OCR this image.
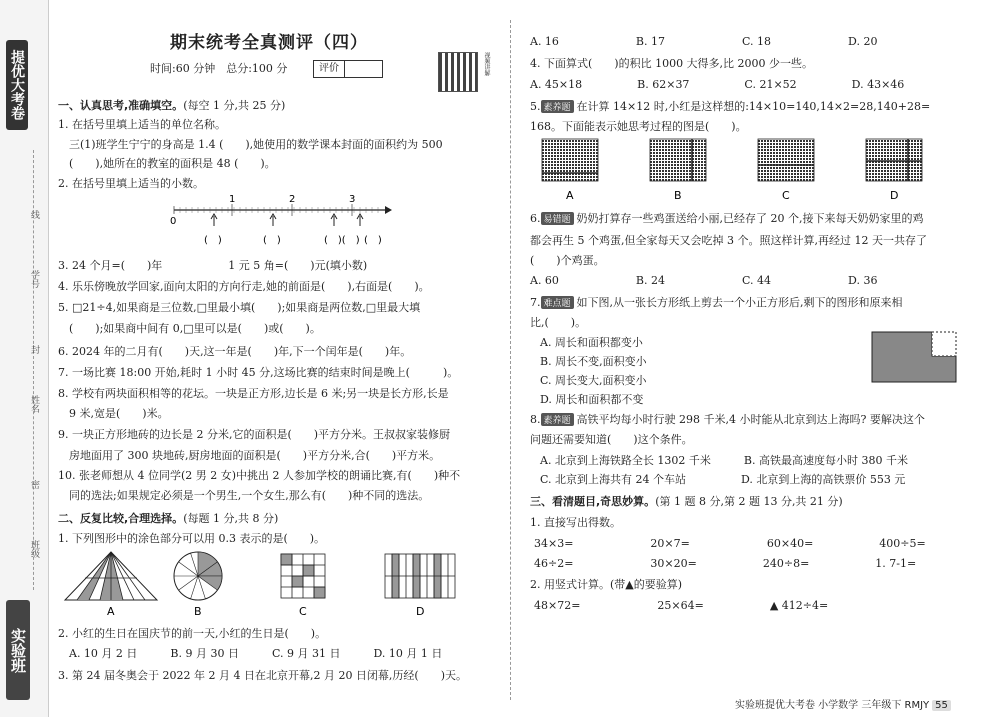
提优大考卷
学号
线
封
姓名
密
班级
实验班
期末统考全真测评（四）
时间:60 分钟　总分:100 分	评价	视频讲解
一、认真思考,准确填空。(每空 1 分,共 25 分)
1. 在括号里填上适当的单位名称。
　三(1)班学生宁宁的身高是 1.4 (　　),她使用的数学课本封面的面积约为 500
　(　　),她所在的教室的面积是 48 (　　)。
2. 在括号里填上适当的小数。
0
1	2	3
(　)	(　)	(　)(　) (　)
3. 24 个月=(　　)年　　　　　　1 元 5 角=(　　)元(填小数)
4. 乐乐傍晚放学回家,面向太阳的方向行走,她的前面是(　　),右面是(　　)。
5. □21÷4,如果商是三位数,□里最小填(　　);如果商是两位数,□里最大填
　(　　);如果商中间有 0,□里可以是(　　)或(　　)。
6. 2024 年的二月有(　　)天,这一年是(　　)年,下一个闰年是(　　)年。
7. 一场比赛 18:00 开始,耗时 1 小时 45 分,这场比赛的结束时间是晚上(　　　)。
8. 学校有两块面积相等的花坛。一块是正方形,边长是 6 米;另一块是长方形,长是
　9 米,宽是(　　)米。
9. 一块正方形地砖的边长是 2 分米,它的面积是(　　)平方分米。王叔叔家装修厨
　房地面用了 300 块地砖,厨房地面的面积是(　　)平方分米,合(　　)平方米。
10. 张老师想从 4 位同学(2 男 2 女)中挑出 2 人参加学校的朗诵比赛,有(　　)种不
　同的选法;如果规定必须是一个男生,一个女生,那么有(　　)种不同的选法。
二、反复比较,合理选择。(每题 1 分,共 8 分)
1. 下列图形中的涂色部分可以用 0.3 表示的是(　　)。
A	B	C	D
2. 小红的生日在国庆节的前一天,小红的生日是(　　)。
　A. 10 月 2 日　　　B. 9 月 30 日　　　C. 9 月 31 日　　　D. 10 月 1 日
3. 第 24 届冬奥会于 2022 年 2 月 4 日在北京开幕,2 月 20 日闭幕,历经(　　)天。
A. 16　　　　　　　B. 17　　　　　　　C. 18　　　　　　　D. 20
4. 下面算式(　　)的积比 1000 大得多,比 2000 少一些。
A. 45×18　　　　　B. 62×37　　　　　C. 21×52　　　　　D. 43×46
5. 素养题 在计算 14×12 时,小红是这样想的:14×10=140,14×2=28,140+28=
168。下面能表示她思考过程的图是(　　)。
A	B	C	D
6. 易错题 奶奶打算存一些鸡蛋送给小丽,已经存了 20 个,接下来每天奶奶家里的鸡
都会再生 5 个鸡蛋,但全家每天又会吃掉 3 个。照这样计算,再经过 12 天一共存了
(　　)个鸡蛋。
A. 60　　　　　　　B. 24　　　　　　　C. 44　　　　　　　D. 36
7. 难点题 如下图,从一张长方形纸上剪去一个小正方形后,剩下的图形和原来相
比,(　　)。
A. 周长和面积都变小
B. 周长不变,面积变小
C. 周长变大,面积变小
D. 周长和面积都不变
8. 素养题 高铁平均每小时行驶 298 千米,4 小时能从北京到达上海吗? 要解决这个
问题还需要知道(　　)这个条件。
A. 北京到上海铁路全长 1302 千米　　　B. 高铁最高速度每小时 380 千米
C. 北京到上海共有 24 个车站　　　　　D. 北京到上海的高铁票价 553 元
三、看清题目,奇思妙算。(第 1 题 8 分,第 2 题 13 分,共 21 分)
1. 直接写出得数。
34×3=　　　　　　　20×7=　　　　　　　60×40=　　　　　　400÷5=
46÷2=　　　　　　　30×20=　　　　　　240÷8=　　　　　　1. 7-1=
2. 用竖式计算。(带▲的要验算)
48×72=　　　　　　　25×64=　　　　　　▲ 412÷4=
实验班提优大考卷 小学数学 三年级下 RMJY 55
